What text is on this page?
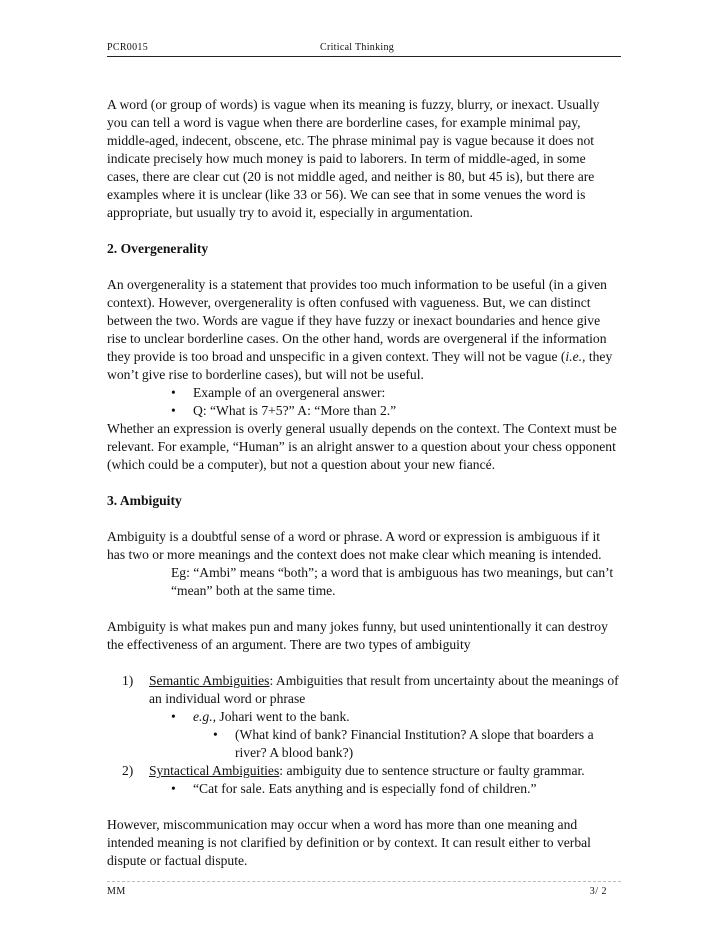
PCR0015	Critical Thinking

A word (or group of words) is vague when its meaning is fuzzy, blurry, or inexact. Usually you can tell a word is vague when there are borderline cases, for example minimal pay, middle-aged, indecent, obscene, etc. The phrase minimal pay is vague because it does not indicate precisely how much money is paid to laborers. In term of middle-aged, in some cases, there are clear cut (20 is not middle aged, and neither is 80, but 45 is), but there are examples where it is unclear (like 33 or 56). We can see that in some venues the word is appropriate, but usually try to avoid it, especially in argumentation.

2. Overgenerality

An overgenerality is a statement that provides too much information to be useful (in a given context). However, overgenerality is often confused with vagueness. But, we can distinct between the two. Words are vague if they have fuzzy or inexact boundaries and hence give rise to unclear borderline cases. On the other hand, words are overgeneral if the information they provide is too broad and unspecific in a given context. They will not be vague (i.e., they won’t give rise to borderline cases), but will not be useful.

• Example of an overgeneral answer:
• Q: “What is 7+5?” A: “More than 2.”

Whether an expression is overly general usually depends on the context. The Context must be relevant. For example, “Human” is an alright answer to a question about your chess opponent (which could be a computer), but not a question about your new fiancé.

3. Ambiguity

Ambiguity is a doubtful sense of a word or phrase. A word or expression is ambiguous if it has two or more meanings and the context does not make clear which meaning is intended.

Eg: “Ambi” means “both”; a word that is ambiguous has two meanings, but can’t “mean” both at the same time.

Ambiguity is what makes pun and many jokes funny, but used unintentionally it can destroy the effectiveness of an argument. There are two types of ambiguity

1) Semantic Ambiguities: Ambiguities that result from uncertainty about the meanings of an individual word or phrase
• e.g., Johari went to the bank.
• (What kind of bank? Financial Institution? A slope that boarders a river? A blood bank?)
2) Syntactical Ambiguities: ambiguity due to sentence structure or faulty grammar.
• “Cat for sale. Eats anything and is especially fond of children.”

However, miscommunication may occur when a word has more than one meaning and intended meaning is not clarified by definition or by context. It can result either to verbal dispute or factual dispute.

MM	3/ 2
